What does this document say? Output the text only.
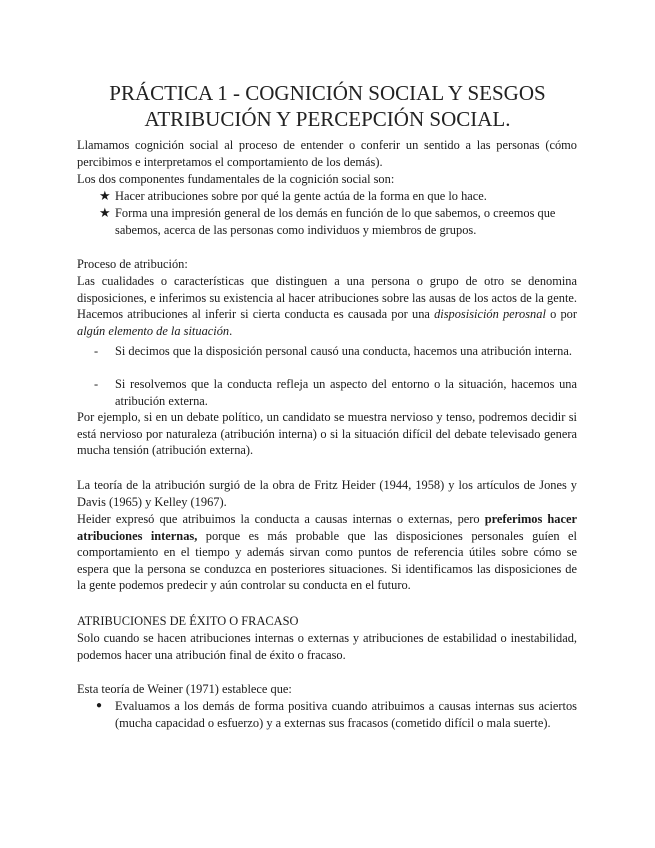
PRÁCTICA 1 - COGNICIÓN SOCIAL Y SESGOS
ATRIBUCIÓN Y PERCEPCIÓN SOCIAL.
Llamamos cognición social al proceso de entender o conferir un sentido a las personas (cómo percibimos e interpretamos el comportamiento de los demás).
Los dos componentes fundamentales de la cognición social son:
★ Hacer atribuciones sobre por qué la gente actúa de la forma en que lo hace.
★ Forma una impresión general de los demás en función de lo que sabemos, o creemos que sabemos, acerca de las personas como individuos y miembros de grupos.
Proceso de atribución:
Las cualidades o características que distinguen a una persona o grupo de otro se denomina disposiciones, e inferimos su existencia al hacer atribuciones sobre las ausas de los actos de la gente. Hacemos atribuciones al inferir si cierta conducta es causada por una disposisición perosnal o por algún elemento de la situación.
- Si decimos que la disposición personal causó una conducta, hacemos una atribución interna.
- Si resolvemos que la conducta refleja un aspecto del entorno o la situación, hacemos una atribución externa.
Por ejemplo, si en un debate político, un candidato se muestra nervioso y tenso, podremos decidir si está nervioso por naturaleza (atribución interna) o si la situación difícil del debate televisado genera mucha tensión (atribución externa).
La teoría de la atribución surgió de la obra de Fritz Heider (1944, 1958) y los artículos de Jones y Davis (1965) y Kelley (1967).
Heider expresó que atribuimos la conducta a causas internas o externas, pero preferimos hacer atribuciones internas, porque es más probable que las disposiciones personales guíen el comportamiento en el tiempo y además sirvan como puntos de referencia útiles sobre cómo se espera que la persona se conduzca en posteriores situaciones. Si identificamos las disposiciones de la gente podemos predecir y aún controlar su conducta en el futuro.
ATRIBUCIONES DE ÉXITO O FRACASO
Solo cuando se hacen atribuciones internas o externas y atribuciones de estabilidad o inestabilidad, podemos hacer una atribución final de éxito o fracaso.
Esta teoría de Weiner (1971) establece que:
● Evaluamos a los demás de forma positiva cuando atribuimos a causas internas sus aciertos (mucha capacidad o esfuerzo) y a externas sus fracasos (cometido difícil o mala suerte).
